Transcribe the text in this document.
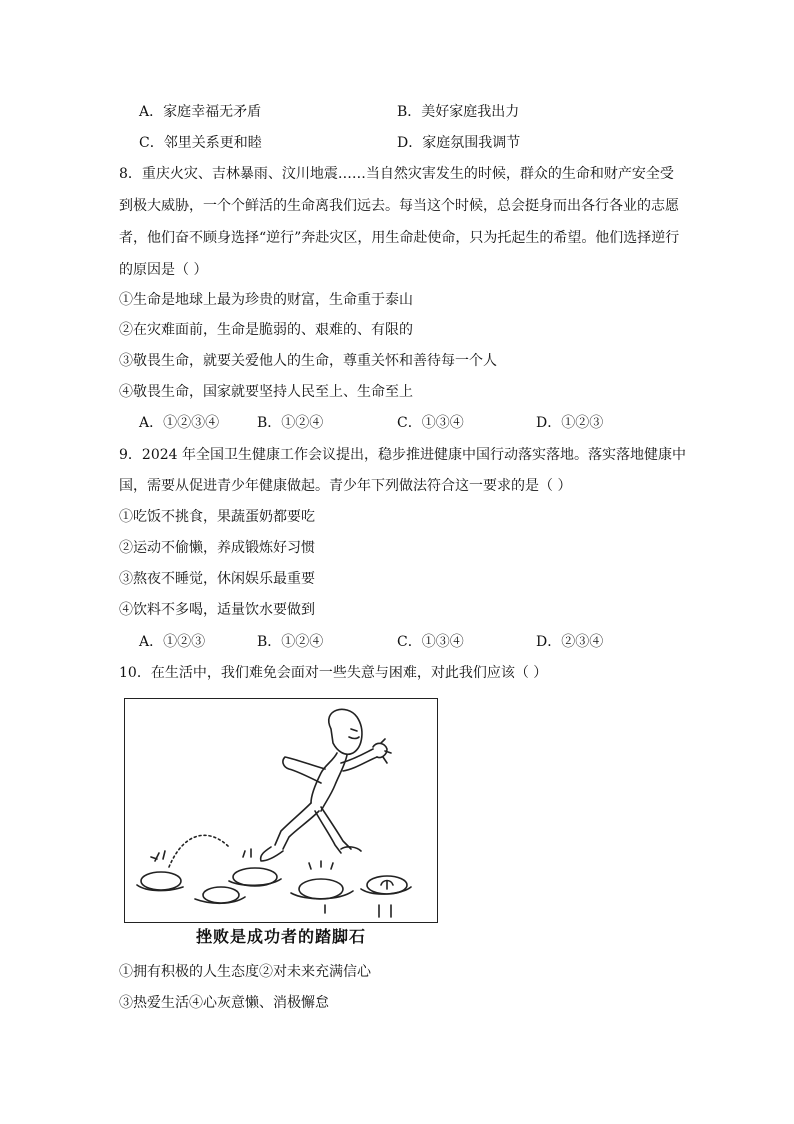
A．家庭幸福无矛盾	B．美好家庭我出力
C．邻里关系更和睦	D．家庭氛围我调节
8．重庆火灾、吉林暴雨、汶川地震……当自然灾害发生的时候，群众的生命和财产安全受
到极大威胁，一个个鲜活的生命离我们远去。每当这个时候，总会挺身而出各行各业的志愿
者，他们奋不顾身选择“逆行”奔赴灾区，用生命赴使命，只为托起生的希望。他们选择逆行
的原因是（ ）
①生命是地球上最为珍贵的财富，生命重于泰山
②在灾难面前，生命是脆弱的、艰难的、有限的
③敬畏生命，就要关爱他人的生命，尊重关怀和善待每一个人
④敬畏生命，国家就要坚持人民至上、生命至上
A．①②③④	B．①②④	C．①③④	D．①②③
9．2024 年全国卫生健康工作会议提出，稳步推进健康中国行动落实落地。落实落地健康中
国，需要从促进青少年健康做起。青少年下列做法符合这一要求的是（ ）
①吃饭不挑食，果蔬蛋奶都要吃
②运动不偷懒，养成锻炼好习惯
③熬夜不睡觉，休闲娱乐最重要
④饮料不多喝，适量饮水要做到
A．①②③	B．①②④	C．①③④	D．②③④
10．在生活中，我们难免会面对一些失意与困难，对此我们应该（ ）
挫败是成功者的踏脚石
①拥有积极的人生态度②对未来充满信心
③热爱生活④心灰意懒、消极懈怠
